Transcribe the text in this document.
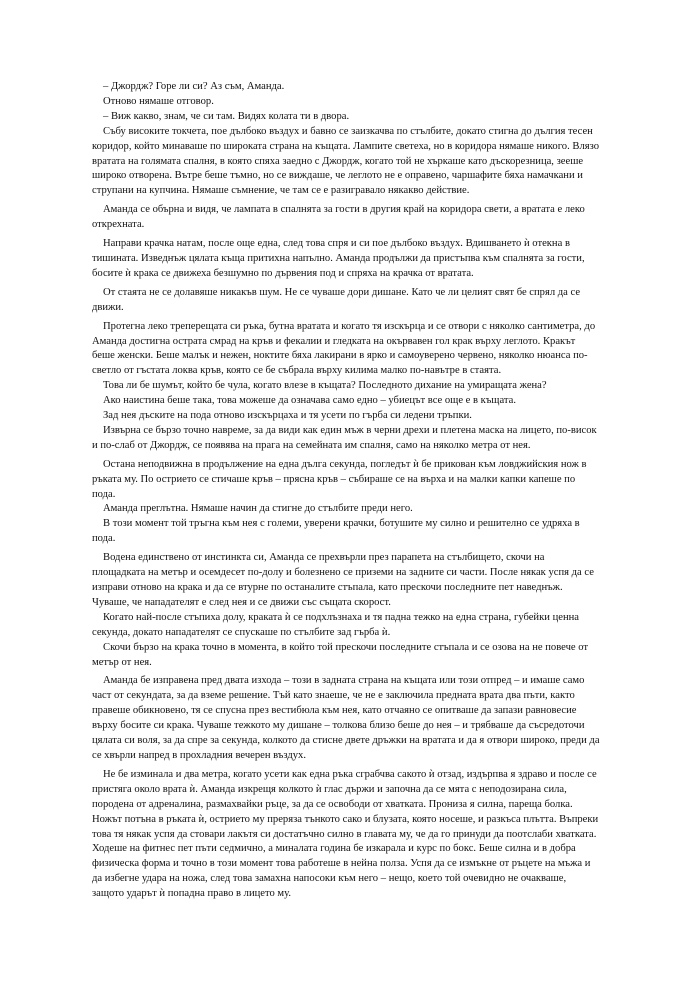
– Джордж? Горе ли си? Аз съм, Аманда.

Отново нямаше отговор.

– Виж какво, знам, че си там. Видях колата ти в двора.

Събу високите токчета, пое дълбоко въздух и бавно се заизкачва по стълбите, докато стигна до дългия тесен коридор, който минаваше по широката страна на къщата. Лампите светеха, но в коридора нямаше никого. Влязо вратата на голямата спалня, в която спяха заедно с Джордж, когато той не хъркаше като дъскорезница, зееше широко отворена. Вътре беше тъмно, но се виждаше, че леглото не е оправено, чаршафите бяха намачкани и струпани на купчина. Нямаше съмнение, че там се е разигравало някакво действие.

Аманда се обърна и видя, че лампата в спалнята за гости в другия край на коридора свети, а вратата е леко открехната.

Направи крачка натам, после още една, след това спря и си пое дълбоко въздух. Вдишването ѝ отекна в тишината. Изведнъж цялата къща притихна напълно. Аманда продължи да пристъпва към спалнята за гости, босите ѝ крака се движеха безшумно по дървения под и спряха на крачка от вратата.

От стаята не се долавяше никакъв шум. Не се чуваше дори дишане. Като че ли целият свят бе спрял да се движи.

Протегна леко треперещата си ръка, бутна вратата и когато тя изскърца и се отвори с няколко сантиметра, до Аманда достигна острата смрад на кръв и фекалии и гледката на окървавен гол крак върху леглото. Кракът беше женски. Беше малък и нежен, ноктите бяха лакирани в ярко и самоуверено червено, няколко нюанса по-светло от гъстата локва кръв, която се бе събрала върху килима малко по-навътре в стаята.

Това ли бе шумът, който бе чула, когато влезе в къщата? Последното дихание на умиращата жена?

Ако наистина беше така, това можеше да означава само едно – убиецът все още е в къщата.

Зад нея дъските на пода отново изскърцаха и тя усети по гърба си ледени тръпки.

Извърна се бързо точно навреме, за да види как един мъж в черни дрехи и плетена маска на лицето, по-висок и по-слаб от Джордж, се появява на прага на семейната им спалня, само на няколко метра от нея.

Остана неподвижна в продължение на една дълга секунда, погледът ѝ бе прикован към ловджийския нож в ръката му. По острието се стичаше кръв – прясна кръв – събираше се на върха и на малки капки капеше по пода.

Аманда преглътна. Нямаше начин да стигне до стълбите преди него.

В този момент той тръгна към нея с големи, уверени крачки, ботушите му силно и решително се удряха в пода.

Водена единствено от инстинкта си, Аманда се прехвърли през парапета на стълбището, скочи на площадката на метър и осемдесет по-долу и болезнено се приземи на задните си части. После някак успя да се изправи отново на крака и да се втурне по останалите стъпала, като прескочи последните пет наведнъж. Чуваше, че нападателят е след нея и се движи със същата скорост.

Когато най-после стъпиха долу, краката ѝ се подхлъзнаха и тя падна тежко на една страна, губейки ценна секунда, докато нападателят се спускаше по стълбите зад гърба ѝ.

Скочи бързо на крака точно в момента, в който той прескочи последните стъпала и се озова на не повече от метър от нея.

Аманда бе изправена пред двата изхода – този в задната страна на къщата или този отпред – и имаше само част от секундата, за да вземе решение. Тъй като знаеше, че не е заключила предната врата два пъти, както правеше обикновено, тя се спусна през вестибюла към нея, като отчаяно се опитваше да запази равновесие върху босите си крака. Чуваше тежкото му дишане – толкова близо беше до нея – и трябваше да съсредоточи цялата си воля, за да спре за секунда, колкото да стисне двете дръжки на вратата и да я отвори широко, преди да се хвърли напред в прохладния вечерен въздух.

Не бе изминала и два метра, когато усети как една ръка сграбчва сакото ѝ отзад, издърпва я здраво и после се пристяга около врата ѝ. Аманда изкрещя колкото ѝ глас държи и започна да се мята с неподозирана сила, породена от адреналина, размахвайки ръце, за да се освободи от хватката. Прониза я силна, пареща болка. Ножът потъна в ръката ѝ, острието му преряза тънкото сако и блузата, която носеше, и разкъса плътта. Въпреки това тя някак успя да стовари лакътя си достатъчно силно в главата му, че да го принуди да поотслаби хватката. Ходеше на фитнес пет пъти седмично, а миналата година бе изкарала и курс по бокс. Беше силна и в добра физическа форма и точно в този момент това работеше в нейна полза. Успя да се измъкне от ръцете на мъжа и да избегне удара на ножа, след това замахна напосоки към него – нещо, което той очевидно не очакваше, защото ударът ѝ попадна право в лицето му.
